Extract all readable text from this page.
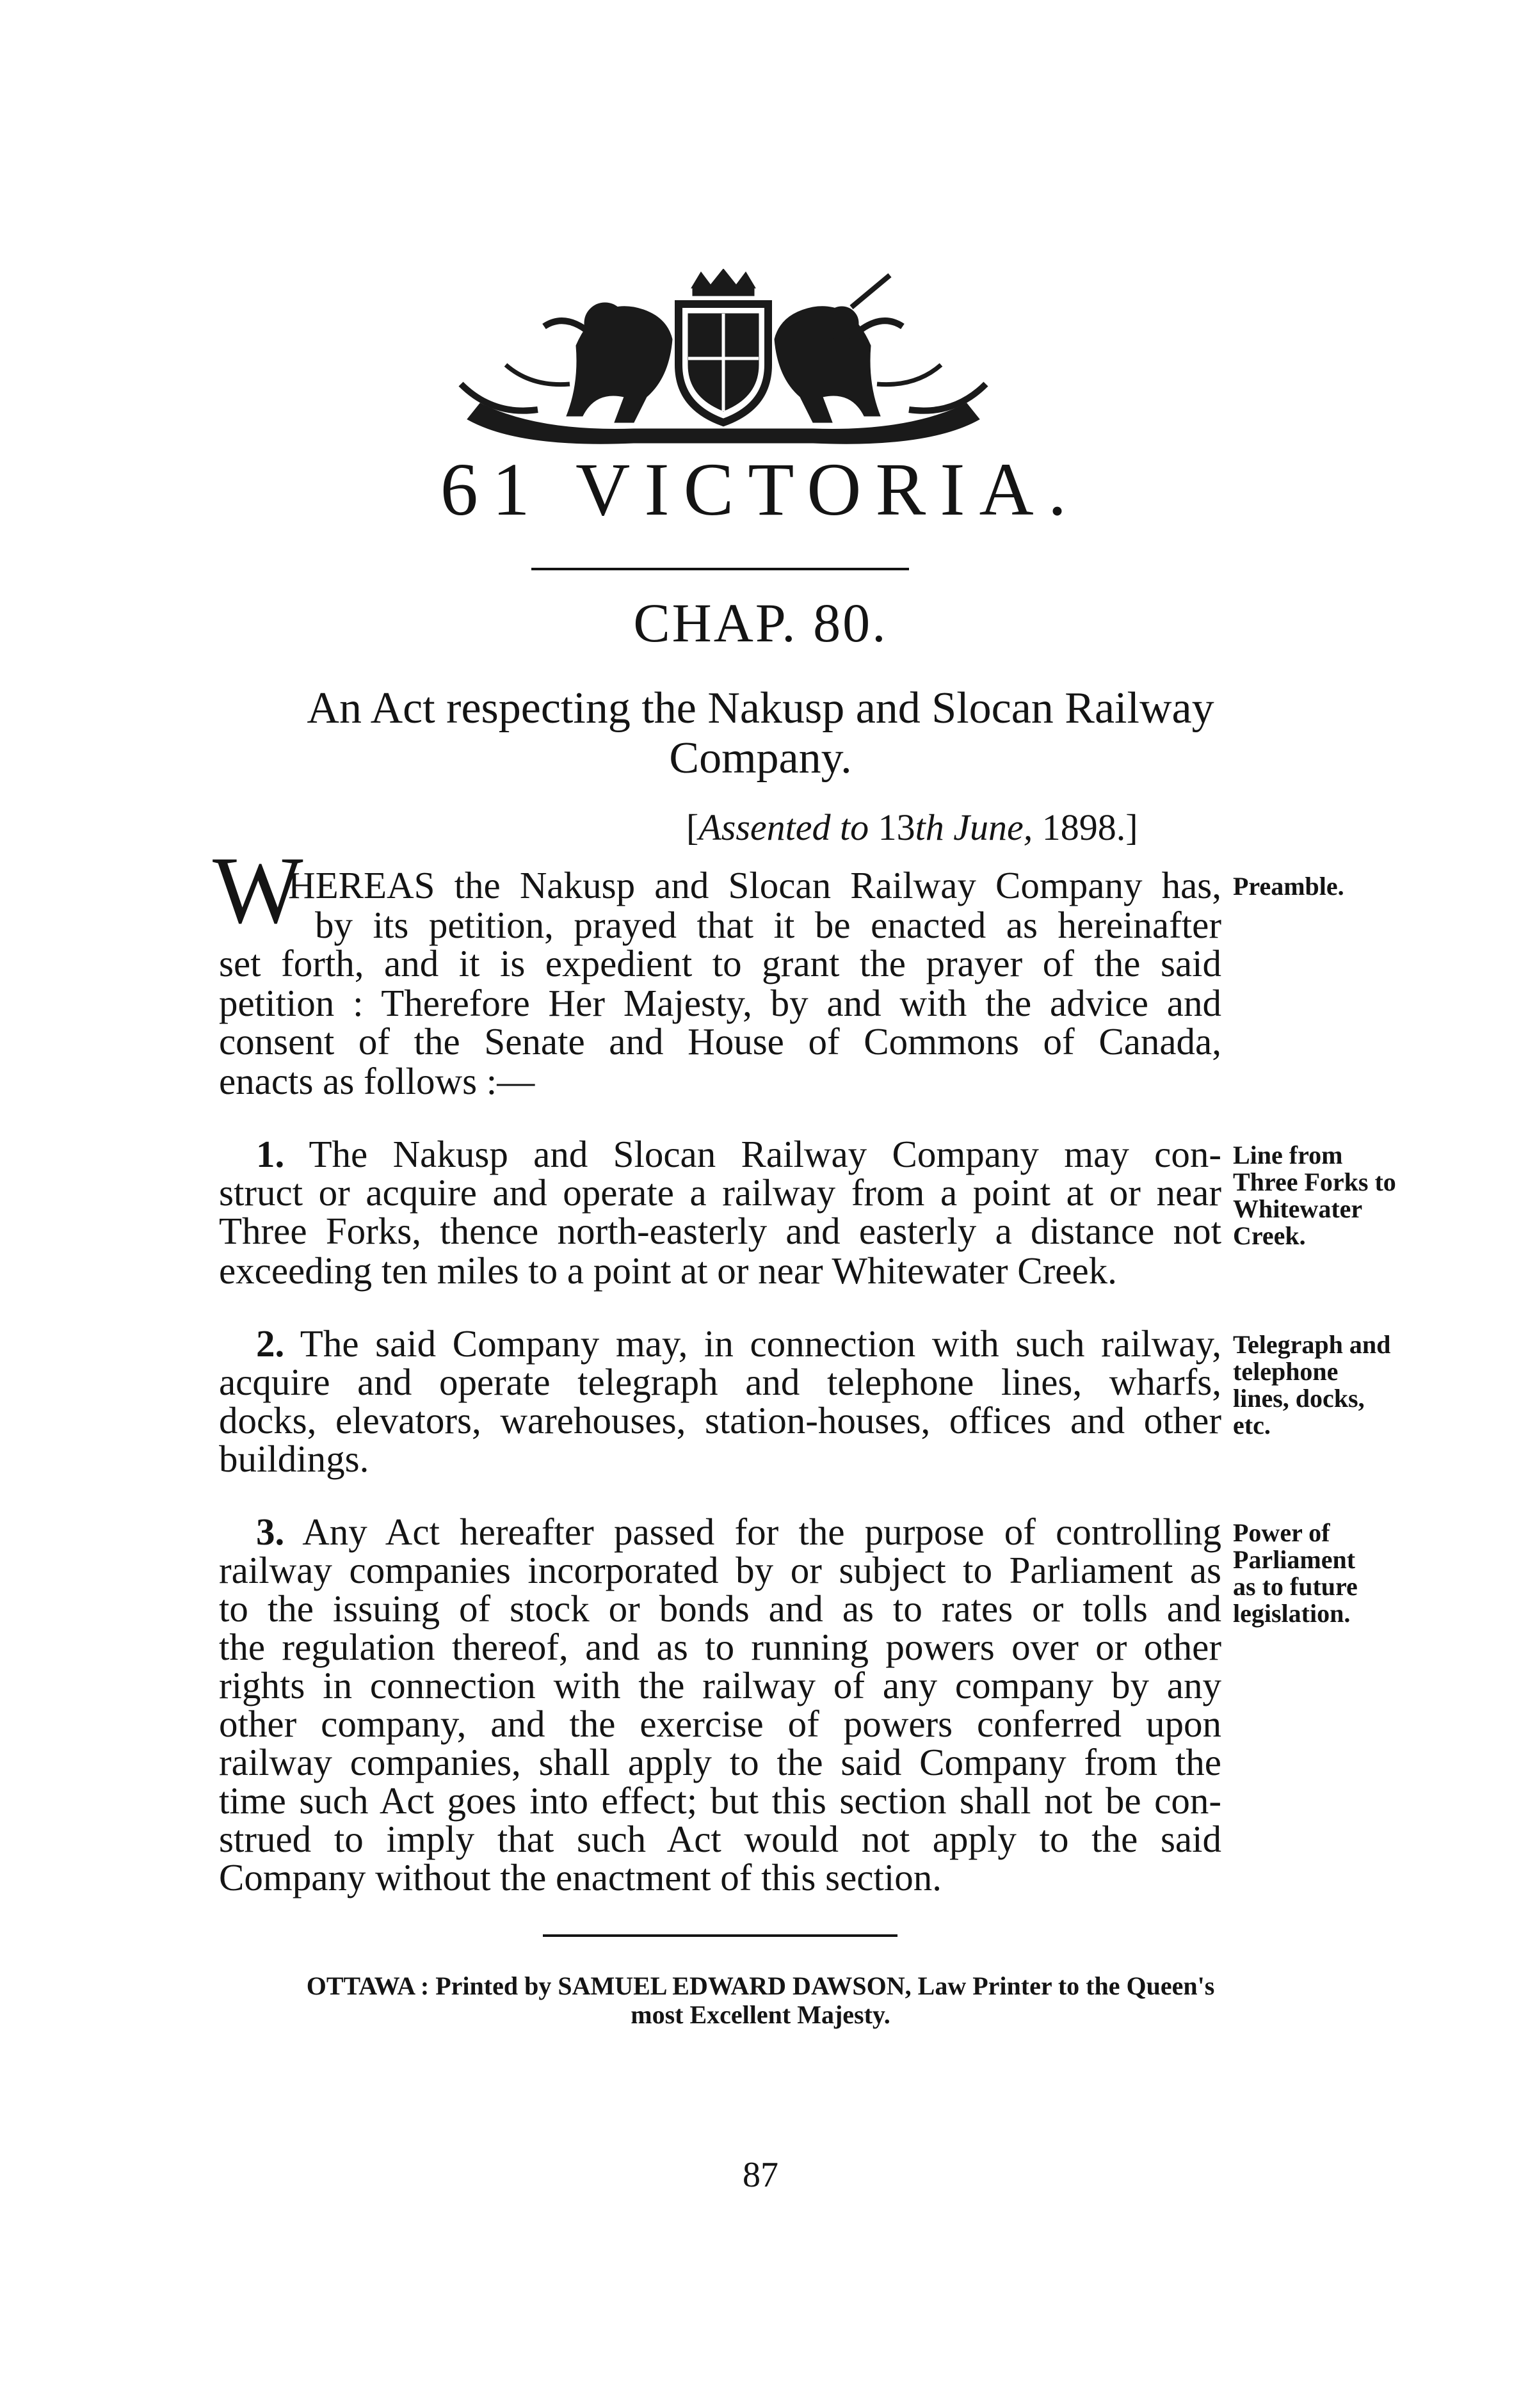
61 VICTORIA.
CHAP. 80.
An Act respecting the Nakusp and Slocan Railway
Company.
[Assented to 13th June, 1898.]
W
HEREAS the Nakusp and Slocan Railway Company has,
by its petition, prayed that it be enacted as hereinafter
set forth, and it is expedient to grant the prayer of the said
petition : Therefore Her Majesty, by and with the advice and
consent of the Senate and House of Commons of Canada,
enacts as follows :—
Preamble.
1. The Nakusp and Slocan Railway Company may con-
struct or acquire and operate a railway from a point at or near
Three Forks, thence north-easterly and easterly a distance not
exceeding ten miles to a point at or near Whitewater Creek.
Line from
Three Forks to
Whitewater
Creek.
2. The said Company may, in connection with such railway,
acquire and operate telegraph and telephone lines, wharfs,
docks, elevators, warehouses, station-houses, offices and other
buildings.
Telegraph and
telephone
lines, docks,
etc.
3. Any Act hereafter passed for the purpose of controlling
railway companies incorporated by or subject to Parliament as
to the issuing of stock or bonds and as to rates or tolls and
the regulation thereof, and as to running powers over or other
rights in connection with the railway of any company by any
other company, and the exercise of powers conferred upon
railway companies, shall apply to the said Company from the
time such Act goes into effect; but this section shall not be con-
strued to imply that such Act would not apply to the said
Company without the enactment of this section.
Power of
Parliament
as to future
legislation.
OTTAWA : Printed by SAMUEL EDWARD DAWSON, Law Printer to the Queen's
most Excellent Majesty.
87
